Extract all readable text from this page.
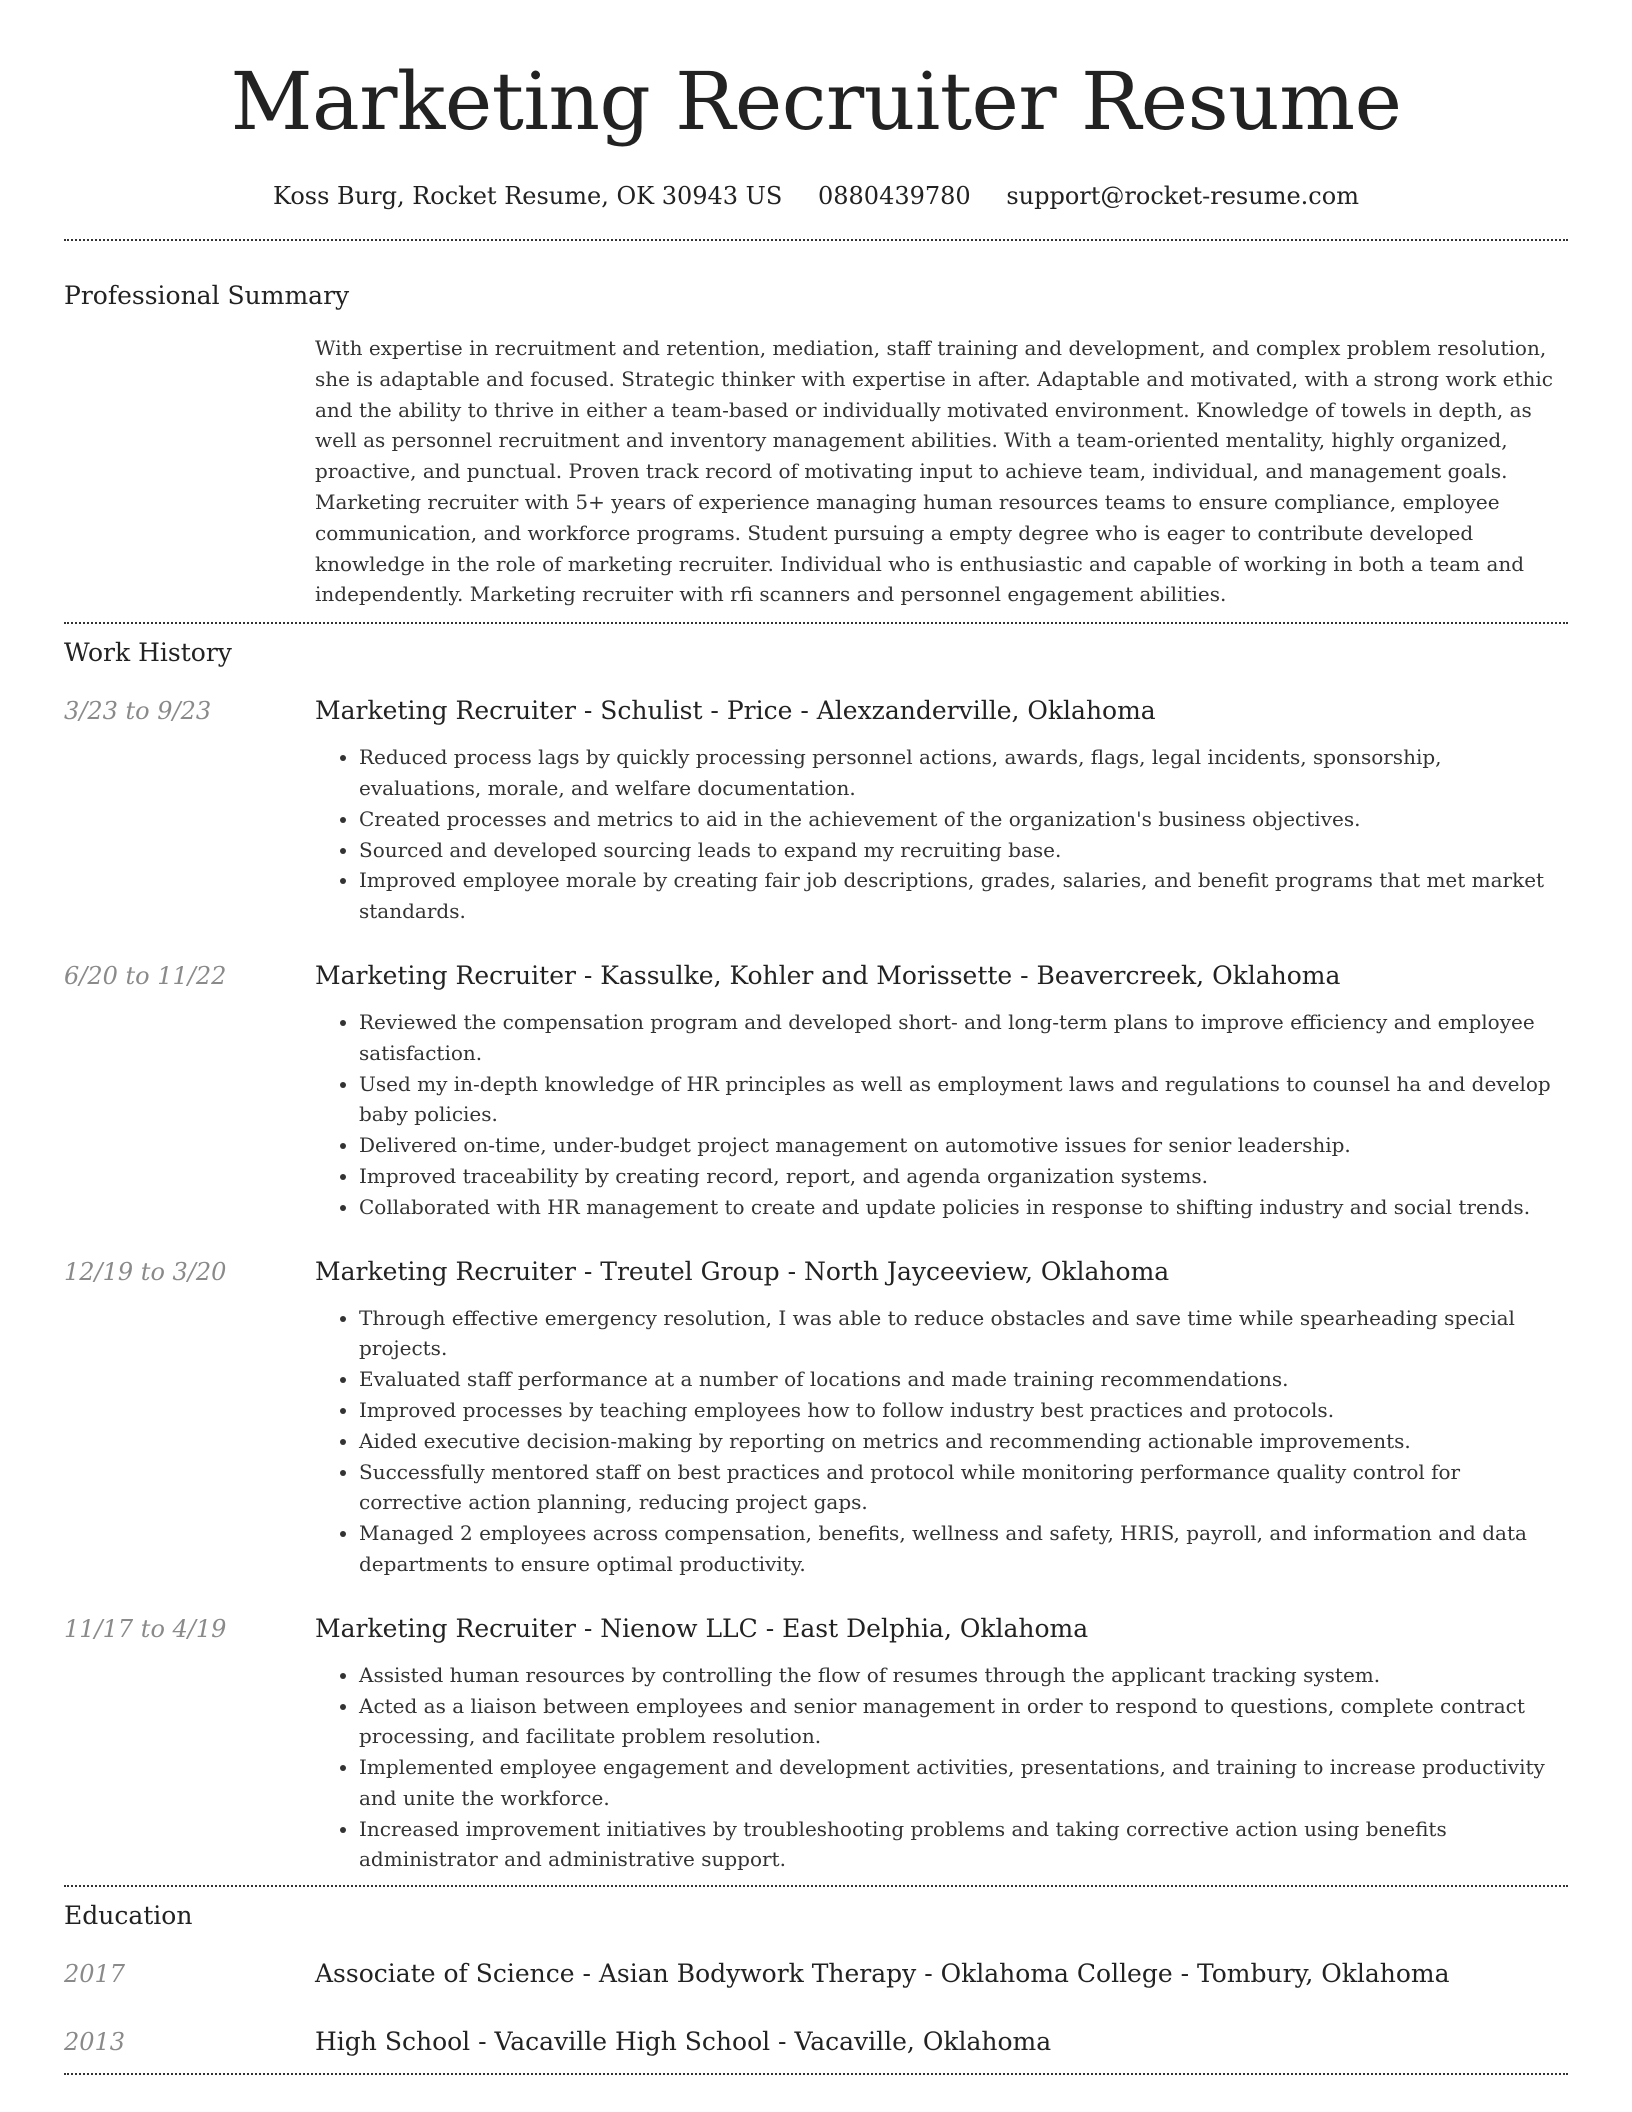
Marketing Recruiter Resume
Koss Burg, Rocket Resume, OK 30943 US 0880439780 support@rocket-resume.com
Professional Summary
With expertise in recruitment and retention, mediation, staff training and development, and complex problem resolution, she is adaptable and focused. Strategic thinker with expertise in after. Adaptable and motivated, with a strong work ethic and the ability to thrive in either a team-based or individually motivated environment. Knowledge of towels in depth, as well as personnel recruitment and inventory management abilities. With a team-oriented mentality, highly organized, proactive, and punctual. Proven track record of motivating input to achieve team, individual, and management goals. Marketing recruiter with 5+ years of experience managing human resources teams to ensure compliance, employee communication, and workforce programs. Student pursuing a empty degree who is eager to contribute developed knowledge in the role of marketing recruiter. Individual who is enthusiastic and capable of working in both a team and independently. Marketing recruiter with rfi scanners and personnel engagement abilities.
Work History
3/23 to 9/23	Marketing Recruiter - Schulist - Price - Alexzanderville, Oklahoma
• Reduced process lags by quickly processing personnel actions, awards, flags, legal incidents, sponsorship, evaluations, morale, and welfare documentation.
• Created processes and metrics to aid in the achievement of the organization's business objectives.
• Sourced and developed sourcing leads to expand my recruiting base.
• Improved employee morale by creating fair job descriptions, grades, salaries, and benefit programs that met market standards.
6/20 to 11/22	Marketing Recruiter - Kassulke, Kohler and Morissette - Beavercreek, Oklahoma
• Reviewed the compensation program and developed short- and long-term plans to improve efficiency and employee satisfaction.
• Used my in-depth knowledge of HR principles as well as employment laws and regulations to counsel ha and develop baby policies.
• Delivered on-time, under-budget project management on automotive issues for senior leadership.
• Improved traceability by creating record, report, and agenda organization systems.
• Collaborated with HR management to create and update policies in response to shifting industry and social trends.
12/19 to 3/20	Marketing Recruiter - Treutel Group - North Jayceeview, Oklahoma
• Through effective emergency resolution, I was able to reduce obstacles and save time while spearheading special projects.
• Evaluated staff performance at a number of locations and made training recommendations.
• Improved processes by teaching employees how to follow industry best practices and protocols.
• Aided executive decision-making by reporting on metrics and recommending actionable improvements.
• Successfully mentored staff on best practices and protocol while monitoring performance quality control for corrective action planning, reducing project gaps.
• Managed 2 employees across compensation, benefits, wellness and safety, HRIS, payroll, and information and data departments to ensure optimal productivity.
11/17 to 4/19	Marketing Recruiter - Nienow LLC - East Delphia, Oklahoma
• Assisted human resources by controlling the flow of resumes through the applicant tracking system.
• Acted as a liaison between employees and senior management in order to respond to questions, complete contract processing, and facilitate problem resolution.
• Implemented employee engagement and development activities, presentations, and training to increase productivity and unite the workforce.
• Increased improvement initiatives by troubleshooting problems and taking corrective action using benefits administrator and administrative support.
Education
2017	Associate of Science - Asian Bodywork Therapy - Oklahoma College - Tombury, Oklahoma
2013	High School - Vacaville High School - Vacaville, Oklahoma
